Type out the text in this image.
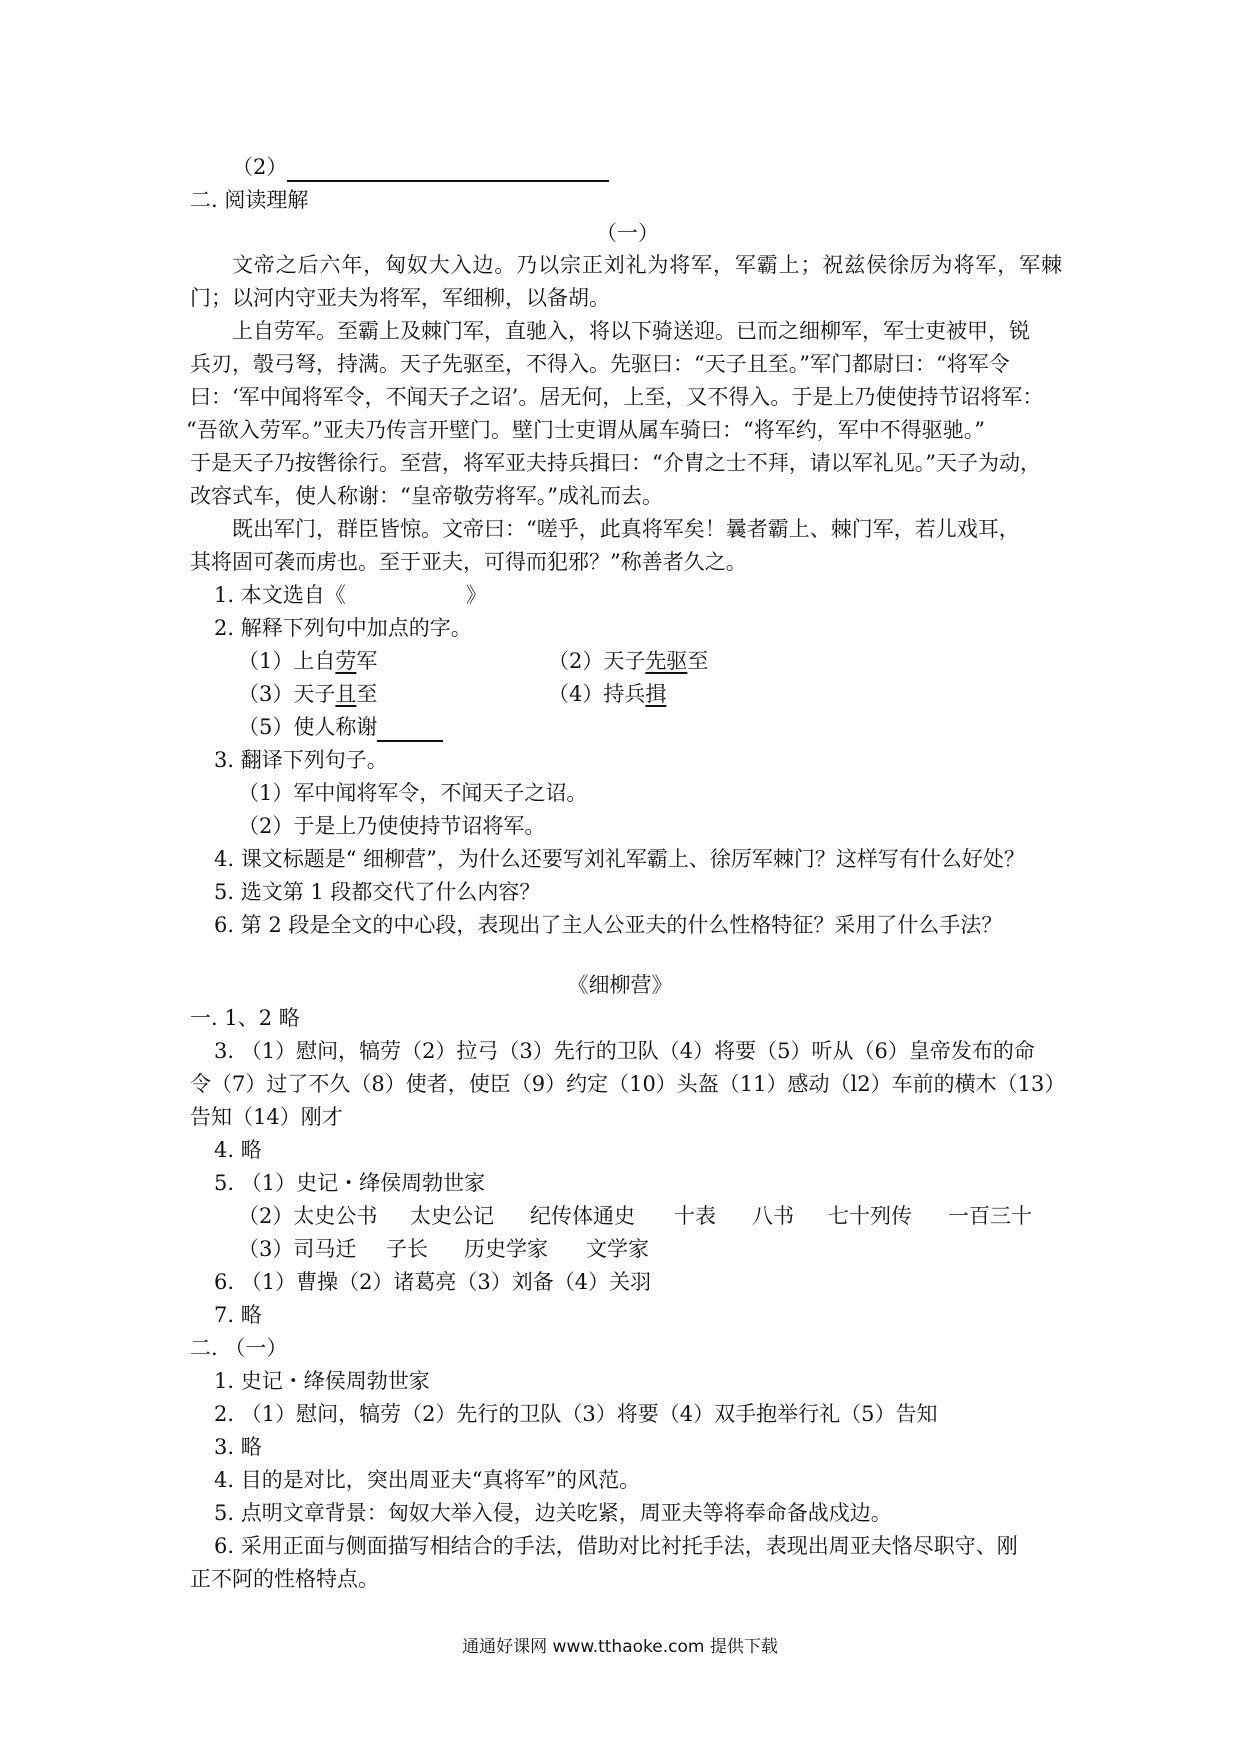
（2）
二. 阅读理解
（一）
文帝之后六年，匈奴大入边。乃以宗正刘礼为将军，军霸上；祝兹侯徐厉为将军，军棘
门；以河内守亚夫为将军，军细柳，以备胡。
上自劳军。至霸上及棘门军，直驰入，将以下骑送迎。已而之细柳军，军士吏被甲，锐
兵刃，彀弓弩，持满。天子先驱至，不得入。先驱曰：“天子且至。”军门都尉曰：“将军令
曰：‘军中闻将军令，不闻天子之诏’。居无何，上至，又不得入。于是上乃使使持节诏将军：
“吾欲入劳军。”亚夫乃传言开壁门。壁门士吏谓从属车骑曰：“将军约，军中不得驱驰。”
于是天子乃按辔徐行。至营，将军亚夫持兵揖曰：“介胄之士不拜，请以军礼见。”天子为动，
改容式车，使人称谢：“皇帝敬劳将军。”成礼而去。
既出军门，群臣皆惊。文帝曰：“嗟乎，此真将军矣！曩者霸上、棘门军，若儿戏耳，
其将固可袭而虏也。至于亚夫，可得而犯邪？”称善者久之。
1. 本文选自《	》
2. 解释下列句中加点的字。
（1）上自劳军	（2）天子先驱至
（3）天子且至	（4）持兵揖
（5）使人称谢
3. 翻译下列句子。
（1）军中闻将军令，不闻天子之诏。
（2）于是上乃使使持节诏将军。
4. 课文标题是“ 细柳营”，为什么还要写刘礼军霸上、徐厉军棘门？这样写有什么好处？
5. 选文第 1 段都交代了什么内容？
6. 第 2 段是全文的中心段，表现出了主人公亚夫的什么性格特征？采用了什么手法？
《细柳营》
一. 1、2 略
3. （1）慰问，犒劳（2）拉弓（3）先行的卫队（4）将要（5）听从（6）皇帝发布的命
令（7）过了不久（8）使者，使臣（9）约定（10）头盔（11）感动（l2）车前的横木（13）
告知（14）刚才
4. 略
5. （1）史记・绛侯周勃世家
（2）太史公书 太史公记 纪传体通史 十表 八书 七十列传 一百三十
（3）司马迁 子长 历史学家 文学家
6. （1）曹操（2）诸葛亮（3）刘备（4）关羽
7. 略
二. （一）
1. 史记・绛侯周勃世家
2. （1）慰问，犒劳（2）先行的卫队（3）将要（4）双手抱举行礼（5）告知
3. 略
4. 目的是对比，突出周亚夫“真将军”的风范。
5. 点明文章背景：匈奴大举入侵，边关吃紧，周亚夫等将奉命备战戍边。
6. 采用正面与侧面描写相结合的手法，借助对比衬托手法，表现出周亚夫恪尽职守、刚
正不阿的性格特点。
通通好课网 www.tthaoke.com 提供下载
